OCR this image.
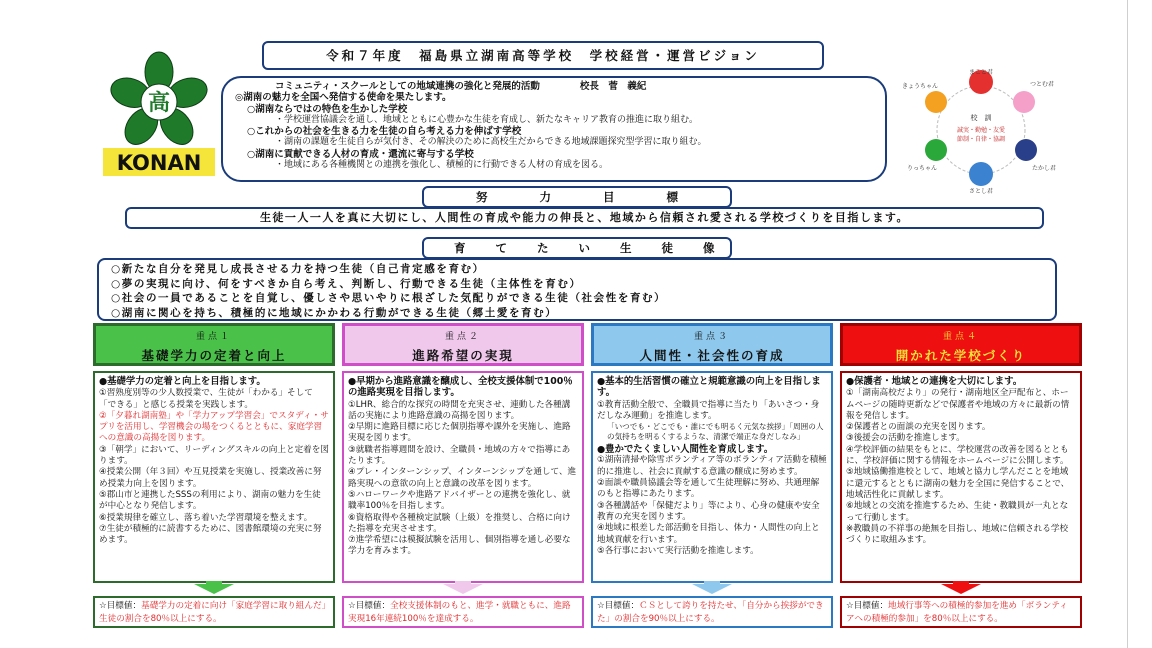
令和７年度　福島県立湖南高等学校　学校経営・運営ビジョン
高
KONAN
コミュニティ・スクールとしての地域連携の強化と発展的活動	校長　菅　義紀
◎湖南の魅力を全国へ発信する使命を果たします。
○湖南ならではの特色を生かした学校
・学校運営協議会を通し、地域とともに心豊かな生徒を育成し、新たなキャリア教育の推進に取り組む。
○これからの社会を生きる力を生徒の自ら考える力を伸ばす学校
・湖南の課題を生徒自らが気付き、その解決のために高校生だからできる地域課題探究型学習に取り組む。
○湖南に貢献できる人材の育成・還流に寄与する学校
・地域にある各種機関との連携を強化し、積極的に行動できる人材の育成を図る。
まこと君
つとむ君
きょうちゃん
たかし君
りっちゃん
さとし君
校　訓
誠実・勤勉・友愛
節制・自律・協調
努力目標
生徒一人一人を真に大切にし、人間性の育成や能力の伸長と、地域から信頼され愛される学校づくりを目指します。
育てたい生徒像
○新たな自分を発見し成長させる力を持つ生徒（自己肯定感を育む）
○夢の実現に向け、何をすべきか自ら考え、判断し、行動できる生徒（主体性を育む）
○社会の一員であることを自覚し、優しさや思いやりに根ざした気配りができる生徒（社会性を育む）
○湖南に関心を持ち、積極的に地域にかかわる行動ができる生徒（郷土愛を育む）
重点１
基礎学力の定着と向上
●基礎学力の定着と向上を目指します。
①習熟度別等の少人数授業で、生徒が「わかる」そして「できる」と感じる授業を実践します。
②「夕暮れ湖南塾」や「学力アップ学習会」でスタディ・サプリを活用し、学習機会の場をつくるとともに、家庭学習への意識の高揚を図ります。
③「朝学」において、リーディングスキルの向上と定着を図ります。
④授業公開（年３回）や互見授業を実施し、授業改善に努め授業力向上を図ります。
⑤郡山市と連携したSSSの利用により、湖南の魅力を生徒が中心となり発信します。
⑥授業規律を確立し、落ち着いた学習環境を整えます。
⑦生徒が積極的に読書するために、図書館環境の充実に努めます。
☆目標値：基礎学力の定着に向け「家庭学習に取り組んだ」生徒の割合を80％以上にする。
重点２
進路希望の実現
●早期から進路意識を醸成し、全校支援体制で100％の進路実現を目指します。
①LHR、総合的な探究の時間を充実させ、連動した各種講話の実施により進路意識の高揚を図ります。
②早期に進路目標に応じた個別指導や課外を実施し、進路実現を図ります。
③就職者指導週間を設け、全職員・地域の方々で指導にあたります。
④プレ・インターンシップ、インターンシップを通して、進路実現への意欲の向上と意識の改革を図ります。
⑤ハローワークや進路アドバイザーとの連携を強化し、就職率100％を目指します。
⑥資格取得や各種検定試験（上級）を推奨し、合格に向けた指導を充実させます。
⑦進学希望には模擬試験を活用し、個別指導を通し必要な学力を育みます。
☆目標値：全校支援体制のもと、進学・就職ともに、進路実現16年連続100％を達成する。
重点３
人間性・社会性の育成
●基本的生活習慣の確立と規範意識の向上を目指します。
①教育活動全般で、全職員で指導に当たり「あいさつ・身だしなみ運動」を推進します。
「いつでも・どこでも・誰にでも明るく元気な挨拶」「周囲の人の気持ちを明るくするような、清潔で端正な身だしなみ」
●豊かでたくましい人間性を育成します。
①湖南清掃や除雪ボランティア等のボランティア活動を積極的に推進し、社会に貢献する意識の醸成に努めます。
②面談や職員協議会等を通して生徒理解に努め、共通理解のもと指導にあたります。
③各種講話や「保健だより」等により、心身の健康や安全教育の充実を図ります。
④地域に根差した部活動を目指し、体力・人間性の向上と地域貢献を行います。
⑤各行事において実行活動を推進します。
☆目標値：ＣＳとして誇りを持たせ、「自分から挨拶ができた」の割合を90％以上にする。
重点４
開かれた学校づくり
●保護者・地域との連携を大切にします。
①「湖南高校だより」の発行・湖南地区全戸配布と、ホームページの随時更新などで保護者や地域の方々に最新の情報を発信します。
②保護者との面談の充実を図ります。
③後援会の活動を推進します。
④学校評価の結果をもとに、学校運営の改善を図るとともに、学校評価に関する情報をホームページに公開します。
⑤地域協働推進校として、地域と協力し学んだことを地域に還元するとともに湖南の魅力を全国に発信することで、地域活性化に貢献します。
⑥地域との交流を推進するため、生徒・教職員が一丸となって行動します。
※教職員の不祥事の絶無を目指し、地域に信頼される学校づくりに取組みます。
☆目標値：地域行事等への積極的参加を進め「ボランティアへの積極的参加」を80％以上にする。
